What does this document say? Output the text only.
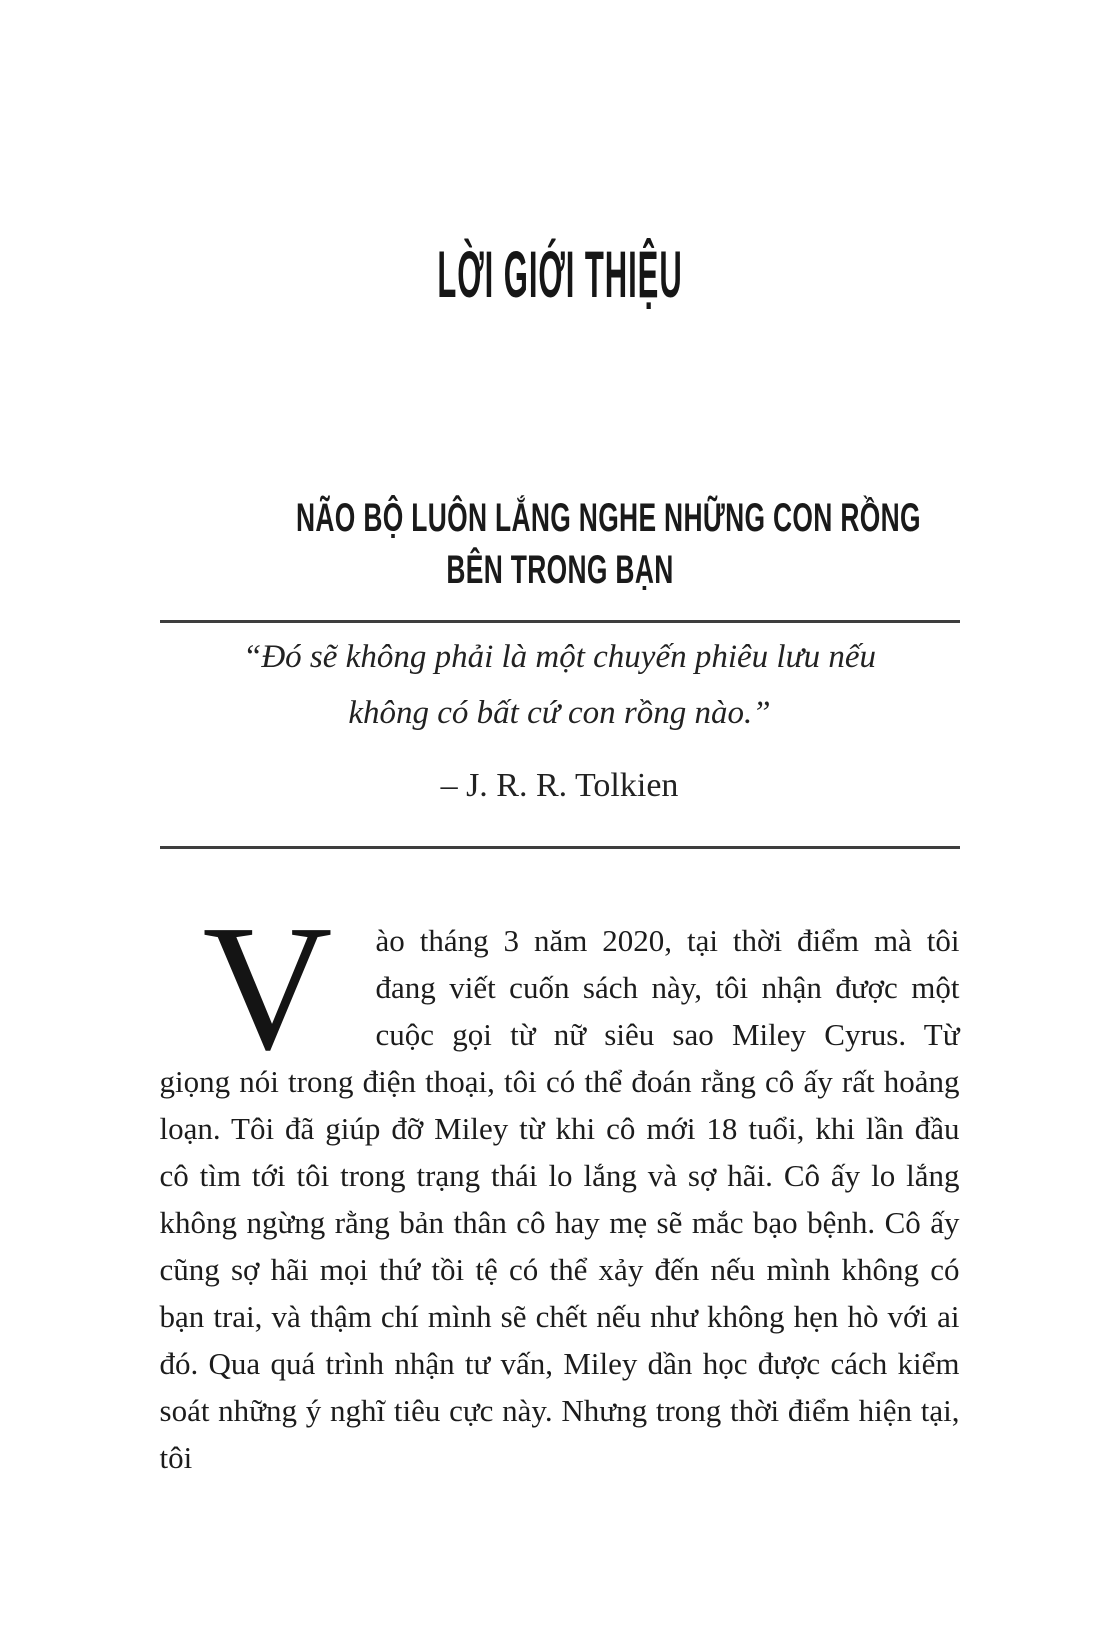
LỜI GIỚI THIỆU
NÃO BỘ LUÔN LẮNG NGHE NHỮNG CON RỒNG
BÊN TRONG BẠN
“Đó sẽ không phải là một chuyến phiêu lưu nếu
không có bất cứ con rồng nào.”
– J. R. R. Tolkien

V	ào tháng 3 năm 2020, tại thời điểm mà tôi đang viết cuốn sách này, tôi nhận được một cuộc gọi từ nữ siêu sao Miley Cyrus. Từ giọng nói trong điện thoại, tôi có thể đoán rằng cô ấy rất hoảng loạn. Tôi đã giúp đỡ Miley từ khi cô mới 18 tuổi, khi lần đầu cô tìm tới tôi trong trạng thái lo lắng và sợ hãi. Cô ấy lo lắng không ngừng rằng bản thân cô hay mẹ sẽ mắc bạo bệnh. Cô ấy cũng sợ hãi mọi thứ tồi tệ có thể xảy đến nếu mình không có bạn trai, và thậm chí mình sẽ chết nếu như không hẹn hò với ai đó. Qua quá trình nhận tư vấn, Miley dần học được cách kiểm soát những ý nghĩ tiêu cực này. Nhưng trong thời điểm hiện tại, tôi
